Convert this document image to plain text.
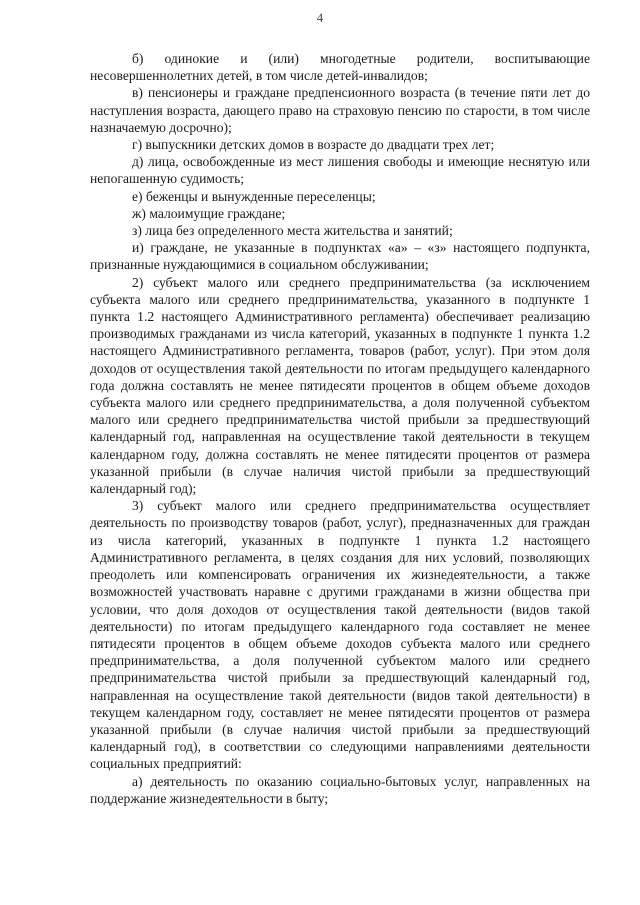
4

б) одинокие и (или) многодетные родители, воспитывающие несовершеннолетних детей, в том числе детей-инвалидов;

в) пенсионеры и граждане предпенсионного возраста (в течение пяти лет до наступления возраста, дающего право на страховую пенсию по старости, в том числе назначаемую досрочно);

г) выпускники детских домов в возрасте до двадцати трех лет;

д) лица, освобожденные из мест лишения свободы и имеющие неснятую или непогашенную судимость;

е) беженцы и вынужденные переселенцы;

ж) малоимущие граждане;

з) лица без определенного места жительства и занятий;

и) граждане, не указанные в подпунктах «а» – «з» настоящего подпункта, признанные нуждающимися в социальном обслуживании;

2) субъект малого или среднего предпринимательства (за исключением субъекта малого или среднего предпринимательства, указанного в подпункте 1 пункта 1.2 настоящего Административного регламента) обеспечивает реализацию производимых гражданами из числа категорий, указанных в подпункте 1 пункта 1.2 настоящего Административного регламента, товаров (работ, услуг). При этом доля доходов от осуществления такой деятельности по итогам предыдущего календарного года должна составлять не менее пятидесяти процентов в общем объеме доходов субъекта малого или среднего предпринимательства, а доля полученной субъектом малого или среднего предпринимательства чистой прибыли за предшествующий календарный год, направленная на осуществление такой деятельности в текущем календарном году, должна составлять не менее пятидесяти процентов от размера указанной прибыли (в случае наличия чистой прибыли за предшествующий календарный год);

3) субъект малого или среднего предпринимательства осуществляет деятельность по производству товаров (работ, услуг), предназначенных для граждан из числа категорий, указанных в подпункте 1 пункта 1.2 настоящего Административного регламента, в целях создания для них условий, позволяющих преодолеть или компенсировать ограничения их жизнедеятельности, а также возможностей участвовать наравне с другими гражданами в жизни общества при условии, что доля доходов от осуществления такой деятельности (видов такой деятельности) по итогам предыдущего календарного года составляет не менее пятидесяти процентов в общем объеме доходов субъекта малого или среднего предпринимательства, а доля полученной субъектом малого или среднего предпринимательства чистой прибыли за предшествующий календарный год, направленная на осуществление такой деятельности (видов такой деятельности) в текущем календарном году, составляет не менее пятидесяти процентов от размера указанной прибыли (в случае наличия чистой прибыли за предшествующий календарный год), в соответствии со следующими направлениями деятельности социальных предприятий:

а) деятельность по оказанию социально-бытовых услуг, направленных на поддержание жизнедеятельности в быту;
